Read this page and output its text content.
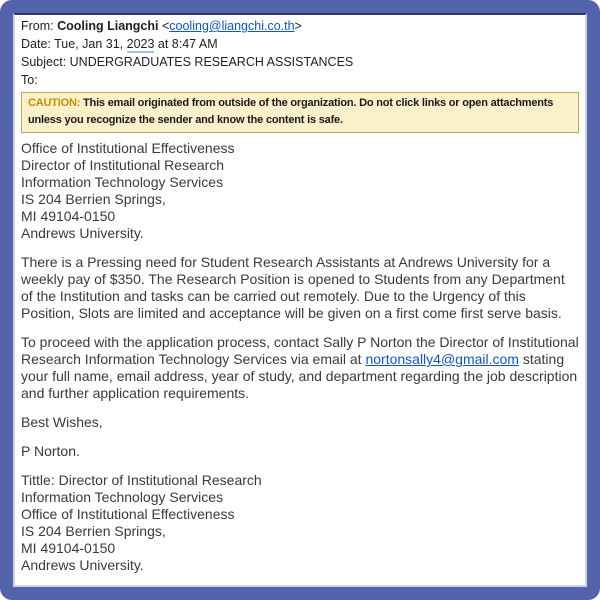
From: Cooling Liangchi <cooling@liangchi.co.th>
Date: Tue, Jan 31, 2023 at 8:47 AM
Subject: UNDERGRADUATES RESEARCH ASSISTANCES
To:
CAUTION: This email originated from outside of the organization. Do not click links or open attachments unless you recognize the sender and know the content is safe.

Office of Institutional Effectiveness

Director of Institutional Research

Information Technology Services

IS 204 Berrien Springs,

MI 49104-0150

Andrews University.

There is a Pressing need for Student Research Assistants at Andrews University for a weekly pay of $350. The Research Position is opened to Students from any Department of the Institution and tasks can be carried out remotely. Due to the Urgency of this Position, Slots are limited and acceptance will be given on a first come first serve basis.

To proceed with the application process, contact Sally P Norton the Director of Institutional Research Information Technology Services via email at nortonsally4@gmail.com stating your full name, email address, year of study, and department regarding the job description and further application requirements.

Best Wishes,

P Norton.

Tittle: Director of Institutional Research

Information Technology Services

Office of Institutional Effectiveness

IS 204 Berrien Springs,

MI 49104-0150

Andrews University.
